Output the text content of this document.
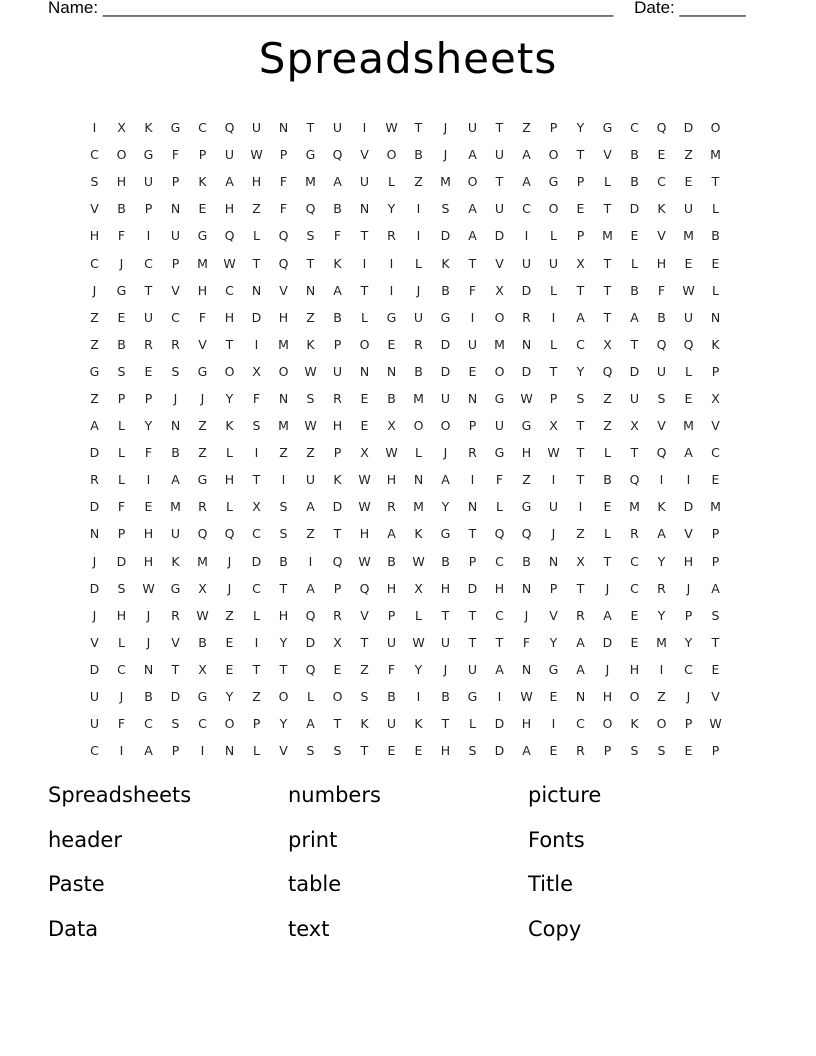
Name: ______________________________________________________ Date: _______
Spreadsheets
I	X	K	G	C	Q	U	N	T	U	I	W	T	J	U	T	Z	P	Y	G	C	Q	D	O
C	O	G	F	P	U	W	P	G	Q	V	O	B	J	A	U	A	O	T	V	B	E	Z	M
S	H	U	P	K	A	H	F	M	A	U	L	Z	M	O	T	A	G	P	L	B	C	E	T
V	B	P	N	E	H	Z	F	Q	B	N	Y	I	S	A	U	C	O	E	T	D	K	U	L
H	F	I	U	G	Q	L	Q	S	F	T	R	I	D	A	D	I	L	P	M	E	V	M	B
C	J	C	P	M	W	T	Q	T	K	I	I	L	K	T	V	U	U	X	T	L	H	E	E
J	G	T	V	H	C	N	V	N	A	T	I	J	B	F	X	D	L	T	T	B	F	W	L
Z	E	U	C	F	H	D	H	Z	B	L	G	U	G	I	O	R	I	A	T	A	B	U	N
Z	B	R	R	V	T	I	M	K	P	O	E	R	D	U	M	N	L	C	X	T	Q	Q	K
G	S	E	S	G	O	X	O	W	U	N	N	B	D	E	O	D	T	Y	Q	D	U	L	P
Z	P	P	J	J	Y	F	N	S	R	E	B	M	U	N	G	W	P	S	Z	U	S	E	X
A	L	Y	N	Z	K	S	M	W	H	E	X	O	O	P	U	G	X	T	Z	X	V	M	V
D	L	F	B	Z	L	I	Z	Z	P	X	W	L	J	R	G	H	W	T	L	T	Q	A	C
R	L	I	A	G	H	T	I	U	K	W	H	N	A	I	F	Z	I	T	B	Q	I	I	E
D	F	E	M	R	L	X	S	A	D	W	R	M	Y	N	L	G	U	I	E	M	K	D	M
N	P	H	U	Q	Q	C	S	Z	T	H	A	K	G	T	Q	Q	J	Z	L	R	A	V	P
J	D	H	K	M	J	D	B	I	Q	W	B	W	B	P	C	B	N	X	T	C	Y	H	P
D	S	W	G	X	J	C	T	A	P	Q	H	X	H	D	H	N	P	T	J	C	R	J	A
J	H	J	R	W	Z	L	H	Q	R	V	P	L	T	T	C	J	V	R	A	E	Y	P	S
V	L	J	V	B	E	I	Y	D	X	T	U	W	U	T	T	F	Y	A	D	E	M	Y	T
D	C	N	T	X	E	T	T	Q	E	Z	F	Y	J	U	A	N	G	A	J	H	I	C	E
U	J	B	D	G	Y	Z	O	L	O	S	B	I	B	G	I	W	E	N	H	O	Z	J	V
U	F	C	S	C	O	P	Y	A	T	K	U	K	T	L	D	H	I	C	O	K	O	P	W
C	I	A	P	I	N	L	V	S	S	T	E	E	H	S	D	A	E	R	P	S	S	E	P
Spreadsheets	numbers	picture
header	print	Fonts
Paste	table	Title
Data	text	Copy
